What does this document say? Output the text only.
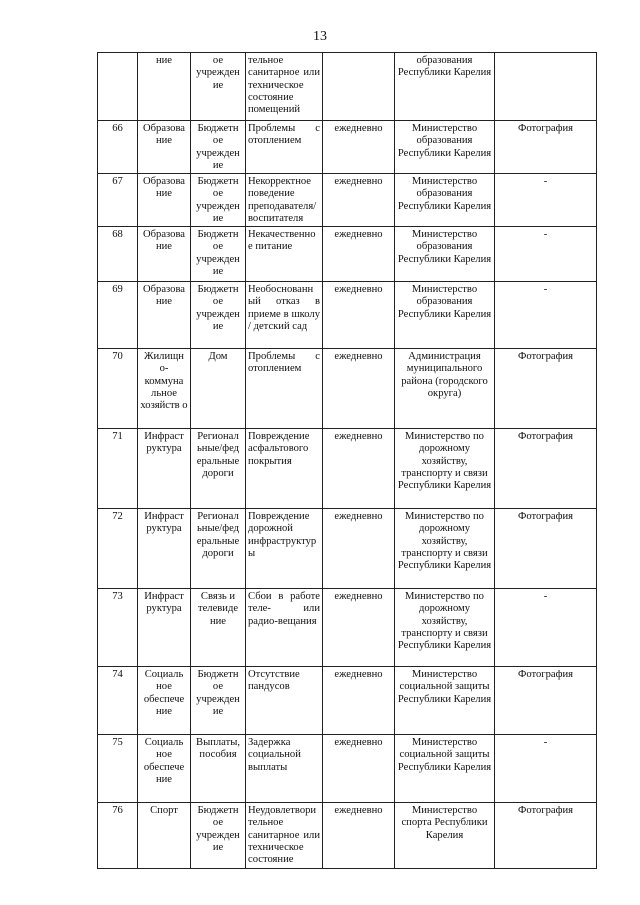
13
	ние	ое учрежден ие	тельное санитарное или техническое состояние помещений		образования Республики Карелия	
66	Образова ние	Бюджетн ое учрежден ие	Проблемы с отоплением	ежедневно	Министерство образования Республики Карелия	Фотография
67	Образова ние	Бюджетн ое учрежден ие	Некорректное поведение преподавателя/ воспитателя	ежедневно	Министерство образования Республики Карелия	-
68	Образова ние	Бюджетн ое учрежден ие	Некачественно е питание	ежедневно	Министерство образования Республики Карелия	-
69	Образова ние	Бюджетн ое учрежден ие	Необоснованн ый отказ в приеме в школу / детский сад	ежедневно	Министерство образования Республики Карелия	-
70	Жилищн о- коммуна льное хозяйств о	Дом	Проблемы с отоплением	ежедневно	Администрация муниципального района (городского округа)	Фотография
71	Инфраст руктура	Регионал ьные/фед еральные дороги	Повреждение асфальтового покрытия	ежедневно	Министерство по дорожному хозяйству, транспорту и связи Республики Карелия	Фотография
72	Инфраст руктура	Регионал ьные/фед еральные дороги	Повреждение дорожной инфраструктур ы	ежедневно	Министерство по дорожному хозяйству, транспорту и связи Республики Карелия	Фотография
73	Инфраст руктура	Связь и телевиде ние	Сбои в работе теле- или радио-вещания	ежедневно	Министерство по дорожному хозяйству, транспорту и связи Республики Карелия	-
74	Социаль ное обеспече ние	Бюджетн ое учрежден ие	Отсутствие пандусов	ежедневно	Министерство социальной защиты Республики Карелия	Фотография
75	Социаль ное обеспече ние	Выплаты, пособия	Задержка социальной выплаты	ежедневно	Министерство социальной защиты Республики Карелия	-
76	Спорт	Бюджетн ое учрежден ие	Неудовлетвори тельное санитарное или техническое состояние	ежедневно	Министерство спорта Республики Карелия	Фотография
